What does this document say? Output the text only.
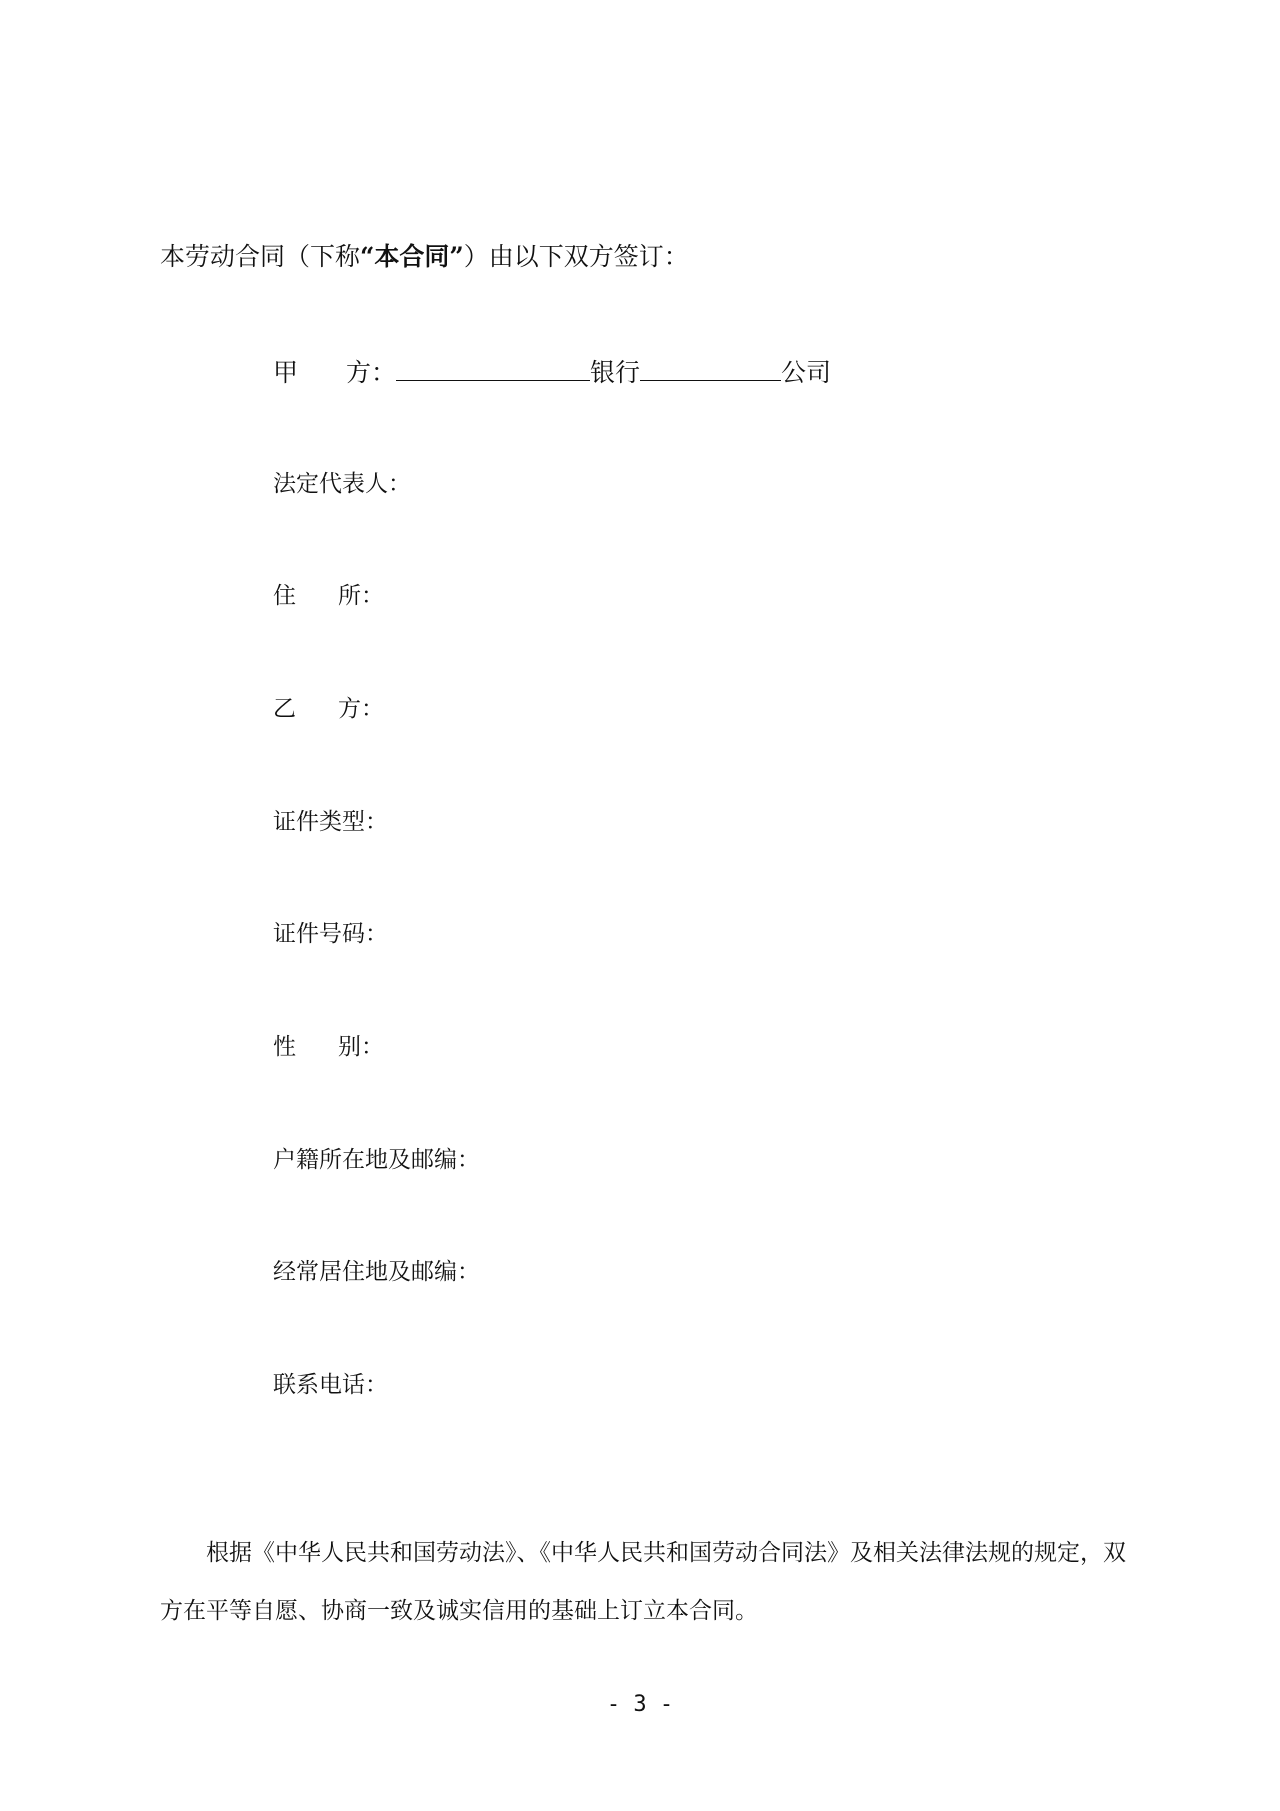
本劳动合同（下称“本合同”）由以下双方签订：
甲 方：	银行	公司
法定代表人：
住 所：
乙 方：
证件类型：
证件号码：
性 别：
户籍所在地及邮编：
经常居住地及邮编：
联系电话：
根据《中华人民共和国劳动法》、《中华人民共和国劳动合同法》及相关法律法规的规定，双
方在平等自愿、协商一致及诚实信用的基础上订立本合同。
- 3 -
